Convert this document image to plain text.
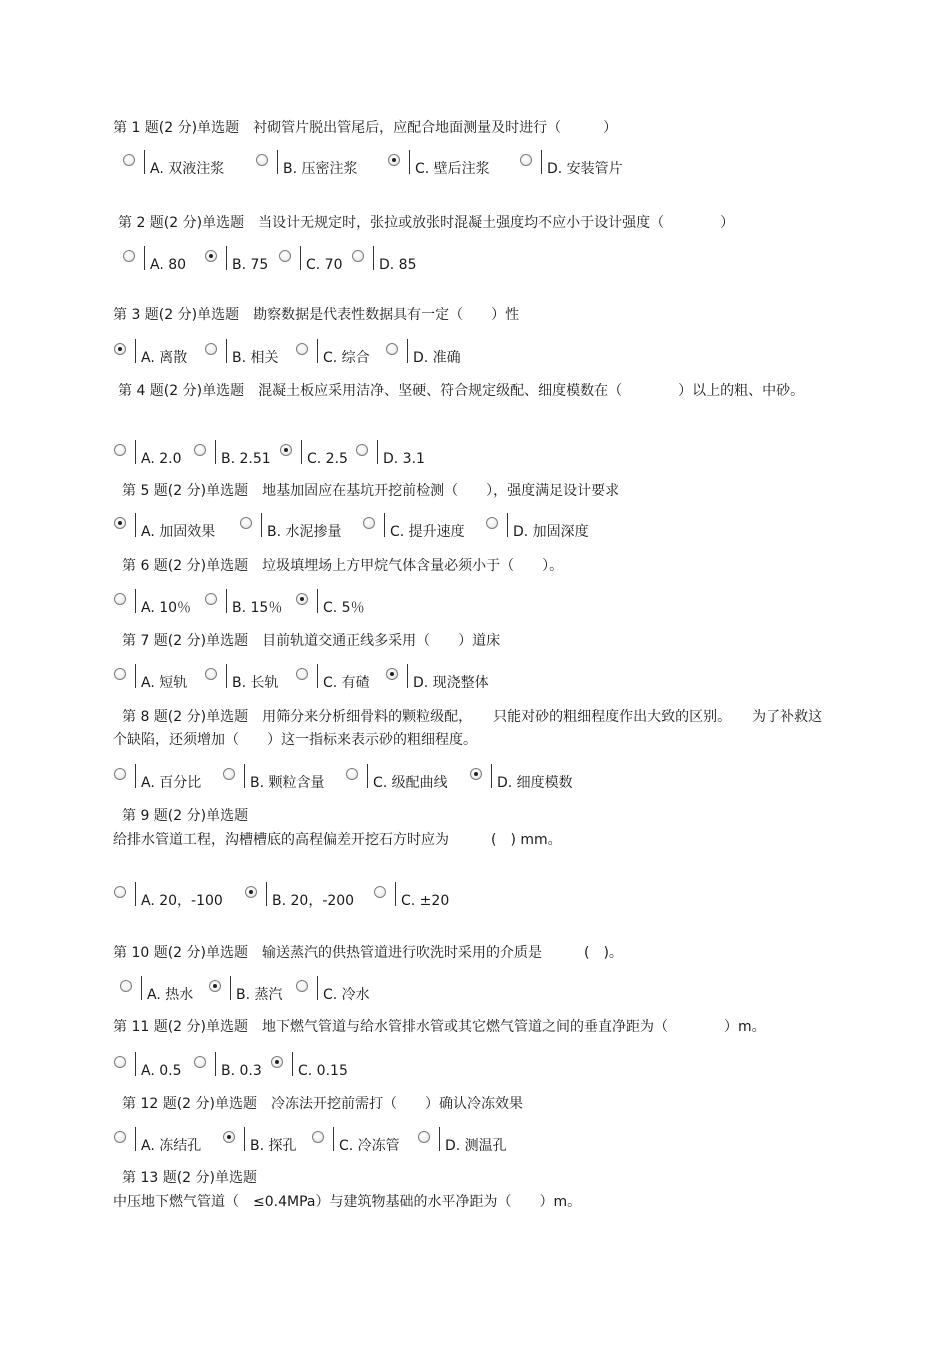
第 1 题(2 分)单选题 衬砌管片脱出管尾后，应配合地面测量及时进行（　　　）
A. 双液注浆	B. 压密注浆	C. 壁后注浆	D. 安装管片
第 2 题(2 分)单选题 当设计无规定时，张拉或放张时混凝土强度均不应小于设计强度（　　　　）
A. 80	B. 75	C. 70	D. 85
第 3 题(2 分)单选题 勘察数据是代表性数据具有一定（　　）性
A. 离散	B. 相关	C. 综合	D. 准确
第 4 题(2 分)单选题 混凝土板应采用洁净、坚硬、符合规定级配、细度模数在（　　　　）以上的粗、中砂。
A. 2.0	B. 2.51	C. 2.5	D. 3.1
第 5 题(2 分)单选题 地基加固应在基坑开挖前检测（　　），强度满足设计要求
A. 加固效果	B. 水泥掺量	C. 提升速度	D. 加固深度
第 6 题(2 分)单选题 垃圾填埋场上方甲烷气体含量必须小于（　　）。
A. 10％	B. 15％	C. 5％
第 7 题(2 分)单选题 目前轨道交通正线多采用（　　）道床
A. 短轨	B. 长轨	C. 有碴	D. 现浇整体
第 8 题(2 分)单选题 用筛分来分析细骨料的颗粒级配，　　只能对砂的粗细程度作出大致的区别。　　为了补救这个缺陷，还须增加（　　）这一指标来表示砂的粗细程度。
A. 百分比	B. 颗粒含量	C. 级配曲线	D. 细度模数
第 9 题(2 分)单选题
给排水管道工程，沟槽槽底的高程偏差开挖石方时应为　　　(　) mm。
A. 20，-100	B. 20，-200	C. ±20
第 10 题(2 分)单选题 输送蒸汽的供热管道进行吹洗时采用的介质是　　　(　)。
A. 热水	B. 蒸汽	C. 冷水
第 11 题(2 分)单选题 地下燃气管道与给水管排水管或其它燃气管道之间的垂直净距为（　　　　）m。
A. 0.5	B. 0.3	C. 0.15
第 12 题(2 分)单选题 冷冻法开挖前需打（　　）确认冷冻效果
A. 冻结孔	B. 探孔	C. 冷冻管	D. 测温孔
第 13 题(2 分)单选题
中压地下燃气管道（　≤0.4MPa）与建筑物基础的水平净距为（　　）m。
